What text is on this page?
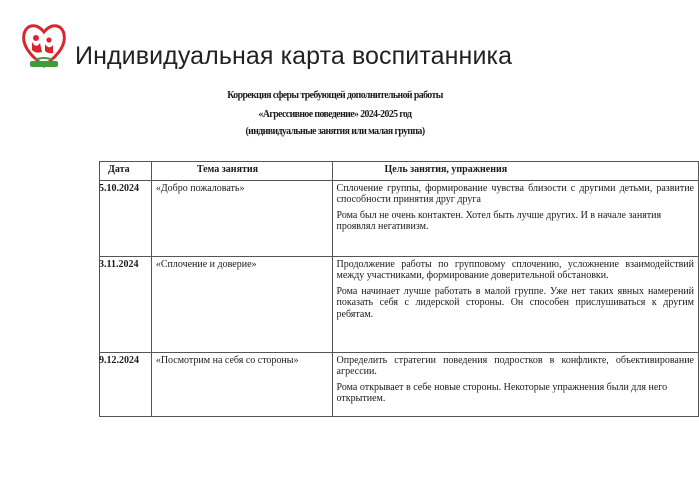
Индивидуальная карта воспитанника
Коррекция сферы требующей дополнительной работы
«Агрессивное поведение» 2024-2025 год
(индивидуальные занятия или малая группа)
Дата	Тема занятия	Цель занятия, упражнения
5.10.2024	«Добро пожаловать»	Сплочение группы, формирование чувства близости с другими детьми, развитие способности принятия друг друга

Рома был не очень контактен. Хотел быть лучше других. И в начале занятия проявлял негативизм.

3.11.2024	«Сплочение и доверие»	Продолжение работы по групповому сплочению, усложнение взаимодействий между участниками, формирование доверительной обстановки.

Рома начинает лучше работать в малой группе. Уже нет таких явных намерений показать себя с лидерской стороны. Он способен прислушиваться к другим ребятам.

9.12.2024	«Посмотрим на себя со стороны»	Определить стратегии поведения подростков в конфликте, объективирование агрессии.

Рома открывает в себе новые стороны. Некоторые упражнения были для него открытием.
